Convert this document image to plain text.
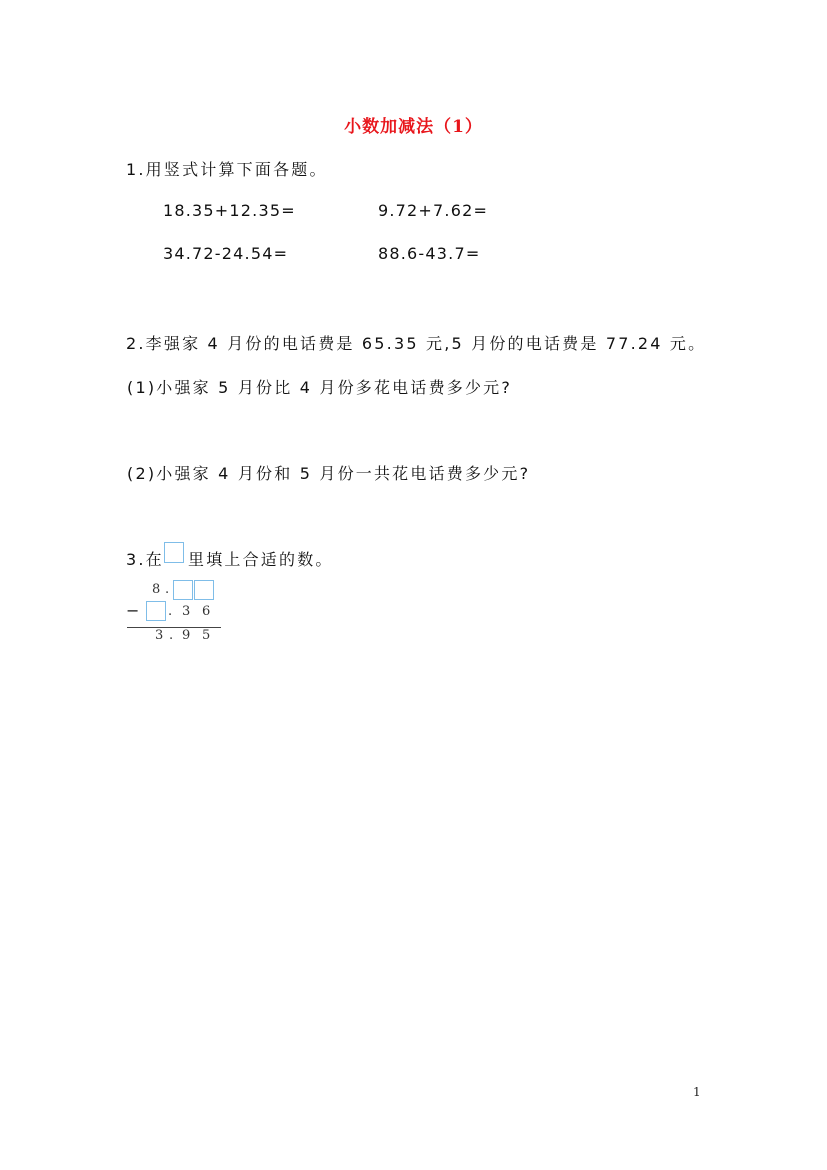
小数加减法（1）
1.用竖式计算下面各题。
18.35+12.35=	9.72+7.62=
34.72-24.54=	88.6-43.7=
2.李强家 4 月份的电话费是 65.35 元,5 月份的电话费是 77.24 元。
(1)小强家 5 月份比 4 月份多花电话费多少元?
(2)小强家 4 月份和 5 月份一共花电话费多少元?
3.在 里填上合适的数。
8 .
− . 3 6
3 . 9 5
1
